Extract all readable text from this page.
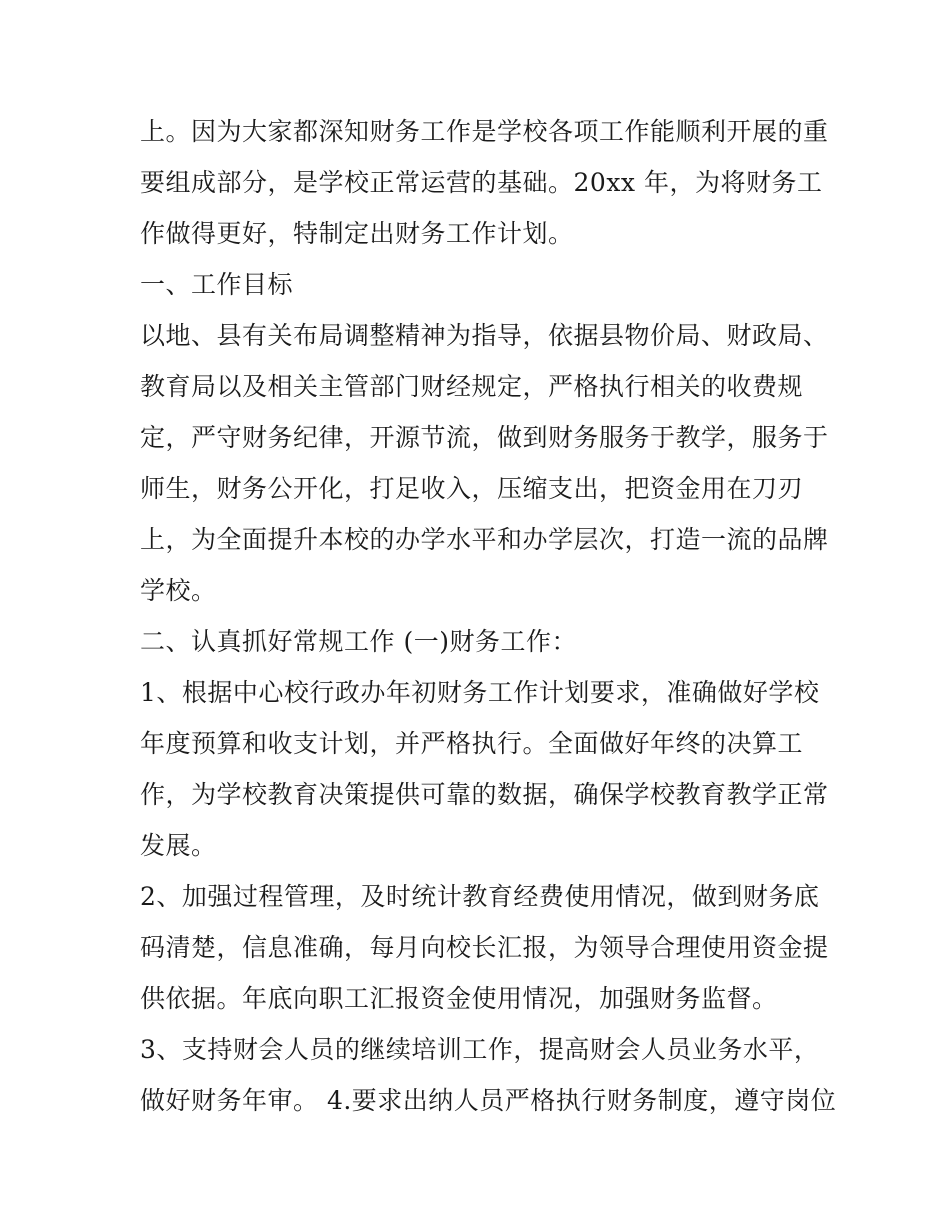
上。因为大家都深知财务工作是学校各项工作能顺利开展的重
要组成部分，是学校正常运营的基础。20xx 年，为将财务工
作做得更好，特制定出财务工作计划。
一、工作目标
以地、县有关布局调整精神为指导，依据县物价局、财政局、
教育局以及相关主管部门财经规定，严格执行相关的收费规
定，严守财务纪律，开源节流，做到财务服务于教学，服务于
师生，财务公开化，打足收入，压缩支出，把资金用在刀刃
上，为全面提升本校的办学水平和办学层次，打造一流的品牌
学校。
二、认真抓好常规工作 (一)财务工作：
1、根据中心校行政办年初财务工作计划要求，准确做好学校
年度预算和收支计划，并严格执行。全面做好年终的决算工
作，为学校教育决策提供可靠的数据，确保学校教育教学正常
发展。
2、加强过程管理，及时统计教育经费使用情况，做到财务底
码清楚，信息准确，每月向校长汇报，为领导合理使用资金提
供依据。年底向职工汇报资金使用情况，加强财务监督。
3、支持财会人员的继续培训工作，提高财会人员业务水平，
做好财务年审。 4.要求出纳人员严格执行财务制度，遵守岗位
